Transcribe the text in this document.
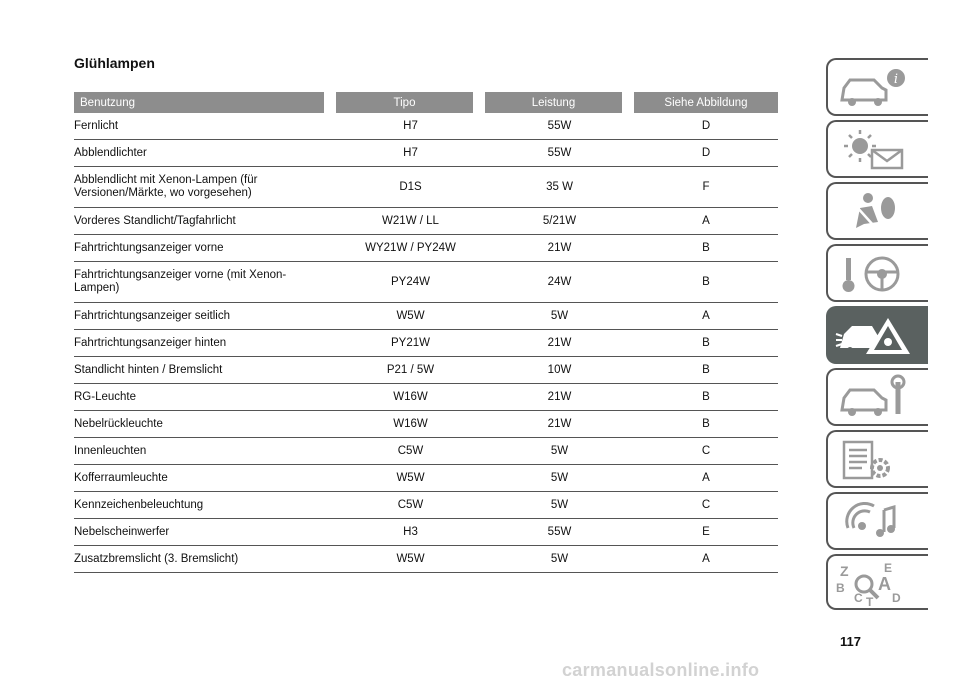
Glühlampen
Benutzung	Tipo	Leistung	Siehe Abbildung
Fernlicht	H7	55W	D
Abblendlichter	H7	55W	D
Abblendlicht mit Xenon-Lampen (für
Versionen/Märkte, wo vorgesehen)	D1S	35 W	F
Vorderes Standlicht/Tagfahrlicht	W21W / LL	5/21W	A
Fahrtrichtungsanzeiger vorne	WY21W / PY24W	21W	B
Fahrtrichtungsanzeiger vorne (mit Xenon-
Lampen)	PY24W	24W	B
Fahrtrichtungsanzeiger seitlich	W5W	5W	A
Fahrtrichtungsanzeiger hinten	PY21W	21W	B
Standlicht hinten / Bremslicht	P21 / 5W	10W	B
RG-Leuchte	W16W	21W	B
Nebelrückleuchte	W16W	21W	B
Innenleuchten	C5W	5W	C
Kofferraumleuchte	W5W	5W	A
Kennzeichenbeleuchtung	C5W	5W	C
Nebelscheinwerfer	H3	55W	E
Zusatzbremslicht (3. Bremslicht)	W5W	5W	A
i
Z	E
A
B
C T D
117
carmanualsonline.info
